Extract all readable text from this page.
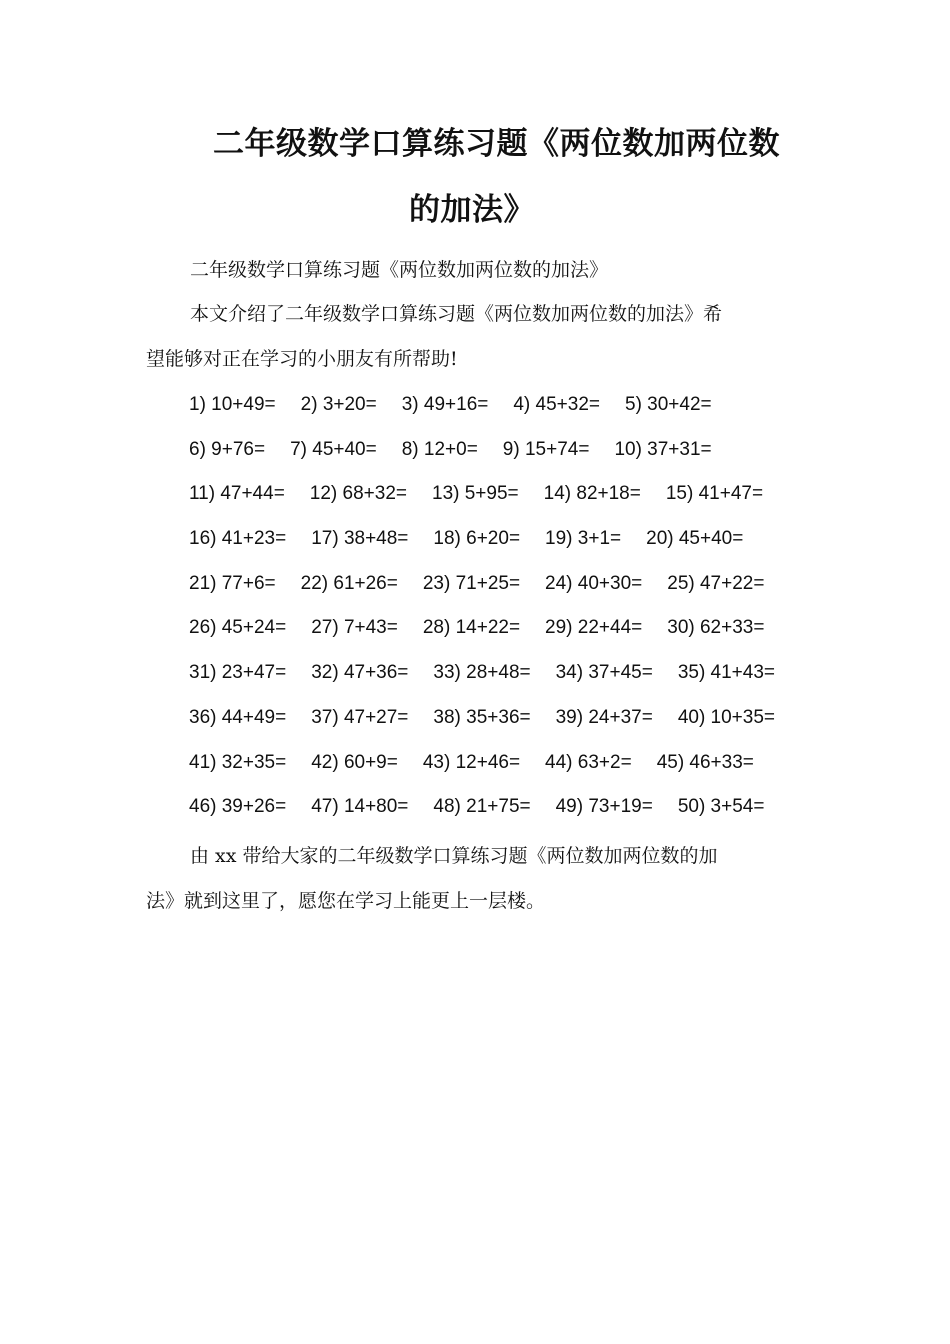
二年级数学口算练习题《两位数加两位数
的加法》
二年级数学口算练习题《两位数加两位数的加法》
本文介绍了二年级数学口算练习题《两位数加两位数的加法》希
望能够对正在学习的小朋友有所帮助!
1) 10+49= 2) 3+20= 3) 49+16= 4) 45+32= 5) 30+42=
6) 9+76= 7) 45+40= 8) 12+0= 9) 15+74= 10) 37+31=
11) 47+44= 12) 68+32= 13) 5+95= 14) 82+18= 15) 41+47=
16) 41+23= 17) 38+48= 18) 6+20= 19) 3+1= 20) 45+40=
21) 77+6= 22) 61+26= 23) 71+25= 24) 40+30= 25) 47+22=
26) 45+24= 27) 7+43= 28) 14+22= 29) 22+44= 30) 62+33=
31) 23+47= 32) 47+36= 33) 28+48= 34) 37+45= 35) 41+43=
36) 44+49= 37) 47+27= 38) 35+36= 39) 24+37= 40) 10+35=
41) 32+35= 42) 60+9= 43) 12+46= 44) 63+2= 45) 46+33=
46) 39+26= 47) 14+80= 48) 21+75= 49) 73+19= 50) 3+54=
由 xx 带给大家的二年级数学口算练习题《两位数加两位数的加
法》就到这里了，愿您在学习上能更上一层楼。
